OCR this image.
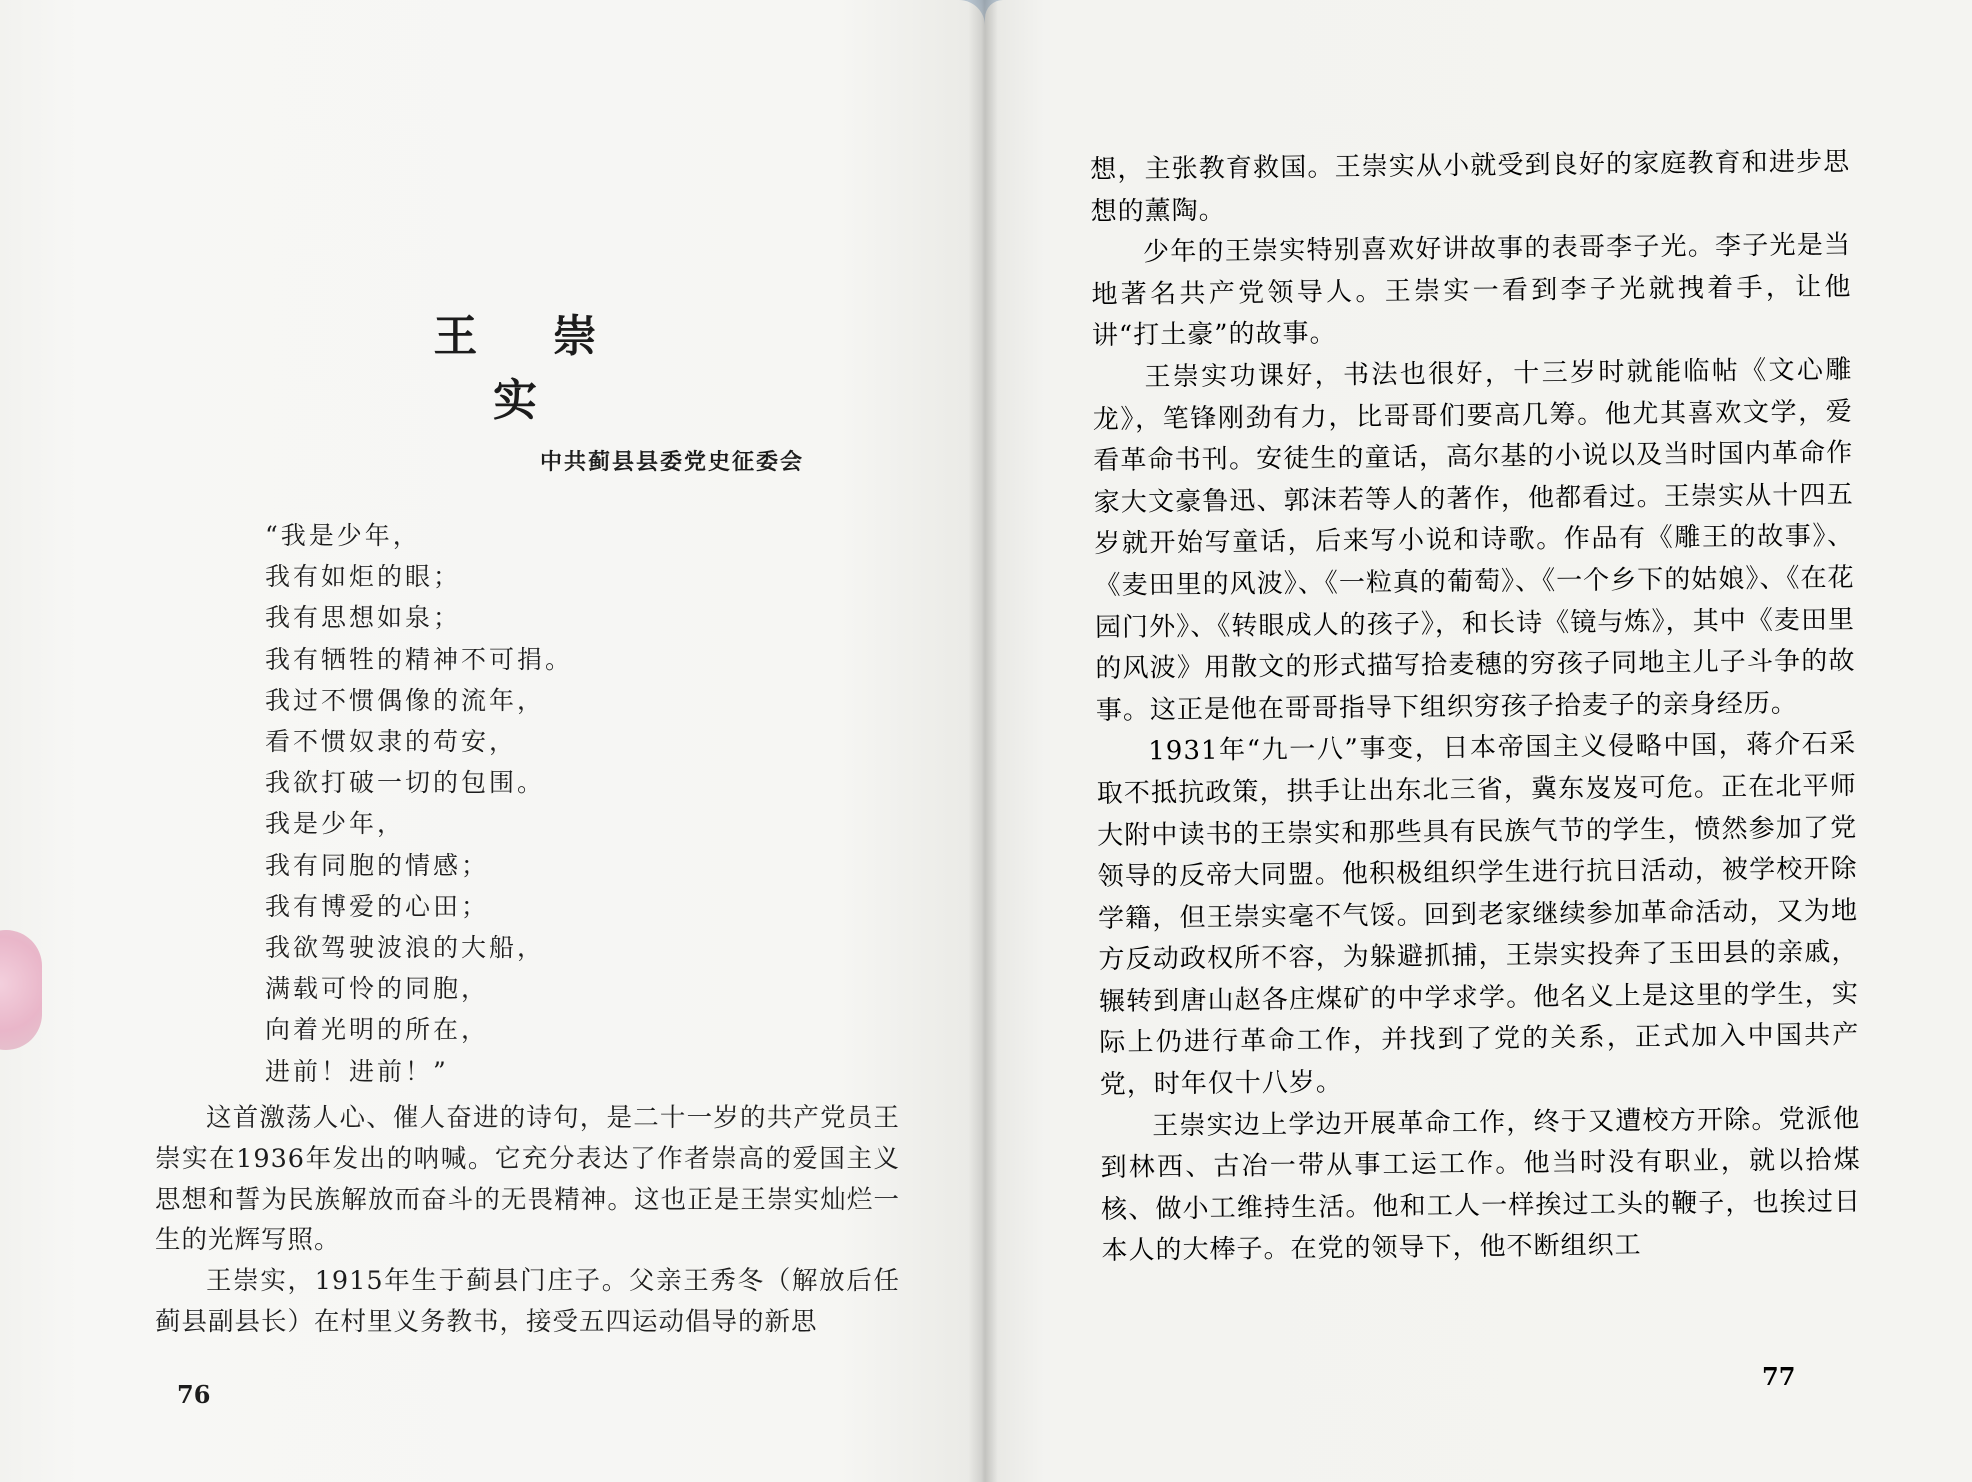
王 崇 实
中共蓟县县委党史征委会
“我是少年，
我有如炬的眼；
我有思想如泉；
我有牺牲的精神不可捐。
我过不惯偶像的流年，
看不惯奴隶的苟安，
我欲打破一切的包围。
我是少年，
我有同胞的情感；
我有博爱的心田；
我欲驾驶波浪的大船，
满载可怜的同胞，
向着光明的所在，
进前！进前！”

这首激荡人心、催人奋进的诗句，是二十一岁的共产党员王崇实在1936年发出的呐喊。它充分表达了作者崇高的爱国主义思想和誓为民族解放而奋斗的无畏精神。这也正是王崇实灿烂一生的光辉写照。

王崇实，1915年生于蓟县门庄子。父亲王秀冬（解放后任蓟县副县长）在村里义务教书，接受五四运动倡导的新思

76

想，主张教育救国。王崇实从小就受到良好的家庭教育和进步思想的薰陶。

少年的王崇实特别喜欢好讲故事的表哥李子光。李子光是当地著名共产党领导人。王崇实一看到李子光就拽着手，让他讲“打土豪”的故事。

王崇实功课好，书法也很好，十三岁时就能临帖《文心雕龙》，笔锋刚劲有力，比哥哥们要高几筹。他尤其喜欢文学，爱看革命书刊。安徒生的童话，高尔基的小说以及当时国内革命作家大文豪鲁迅、郭沫若等人的著作，他都看过。王崇实从十四五岁就开始写童话，后来写小说和诗歌。作品有《雕王的故事》、《麦田里的风波》、《一粒真的葡萄》、《一个乡下的姑娘》、《在花园门外》、《转眼成人的孩子》，和长诗《镜与炼》，其中《麦田里的风波》用散文的形式描写拾麦穗的穷孩子同地主儿子斗争的故事。这正是他在哥哥指导下组织穷孩子拾麦子的亲身经历。

1931年“九一八”事变，日本帝国主义侵略中国，蒋介石采取不抵抗政策，拱手让出东北三省，冀东岌岌可危。正在北平师大附中读书的王崇实和那些具有民族气节的学生，愤然参加了党领导的反帝大同盟。他积极组织学生进行抗日活动，被学校开除学籍，但王崇实毫不气馁。回到老家继续参加革命活动，又为地方反动政权所不容，为躲避抓捕，王崇实投奔了玉田县的亲戚，辗转到唐山赵各庄煤矿的中学求学。他名义上是这里的学生，实际上仍进行革命工作，并找到了党的关系，正式加入中国共产党，时年仅十八岁。

王崇实边上学边开展革命工作，终于又遭校方开除。党派他到林西、古冶一带从事工运工作。他当时没有职业，就以拾煤核、做小工维持生活。他和工人一样挨过工头的鞭子，也挨过日本人的大棒子。在党的领导下，他不断组织工

77
